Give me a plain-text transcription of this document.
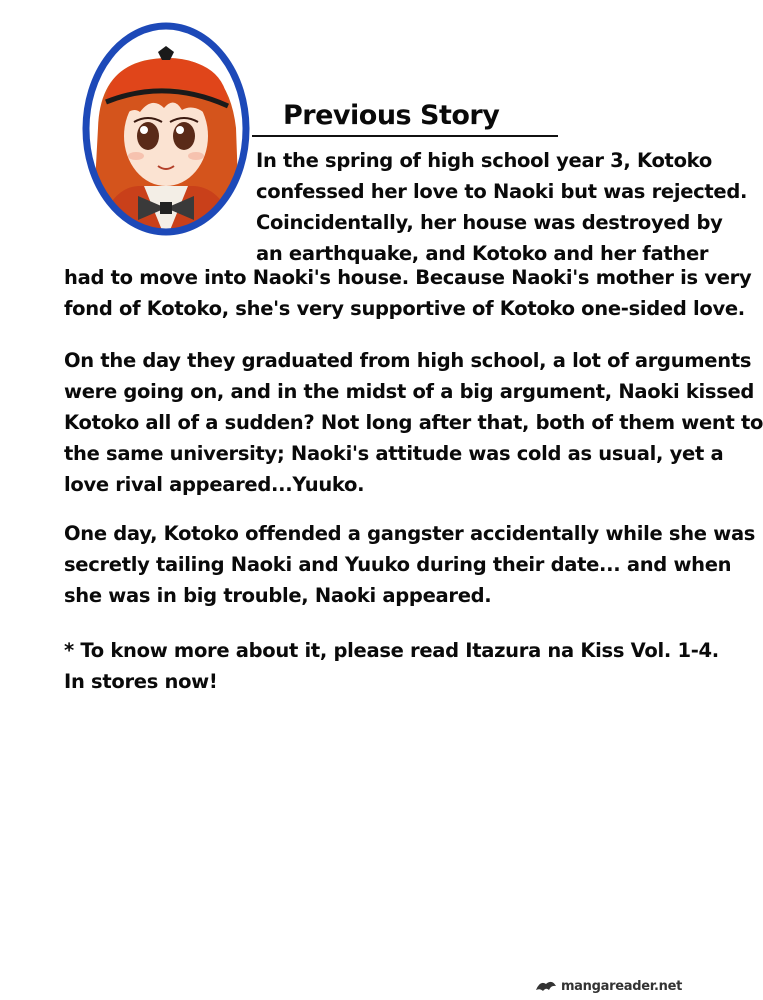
Previous Story
In the spring of high school year 3, Kotoko
confessed her love to Naoki but was rejected.
Coincidentally, her house was destroyed by
an earthquake, and Kotoko and her father
had to move into Naoki's house. Because Naoki's mother is very
fond of Kotoko, she's very supportive of Kotoko one-sided love.
On the day they graduated from high school, a lot of arguments
were going on, and in the midst of a big argument, Naoki kissed
Kotoko all of a sudden? Not long after that, both of them went to
the same university; Naoki's attitude was cold as usual, yet a
love rival appeared...Yuuko.
One day, Kotoko offended a gangster accidentally while she was
secretly tailing Naoki and Yuuko during their date... and when
she was in big trouble, Naoki appeared.
* To know more about it, please read Itazura na Kiss Vol. 1-4.
In stores now!
mangareader.net
